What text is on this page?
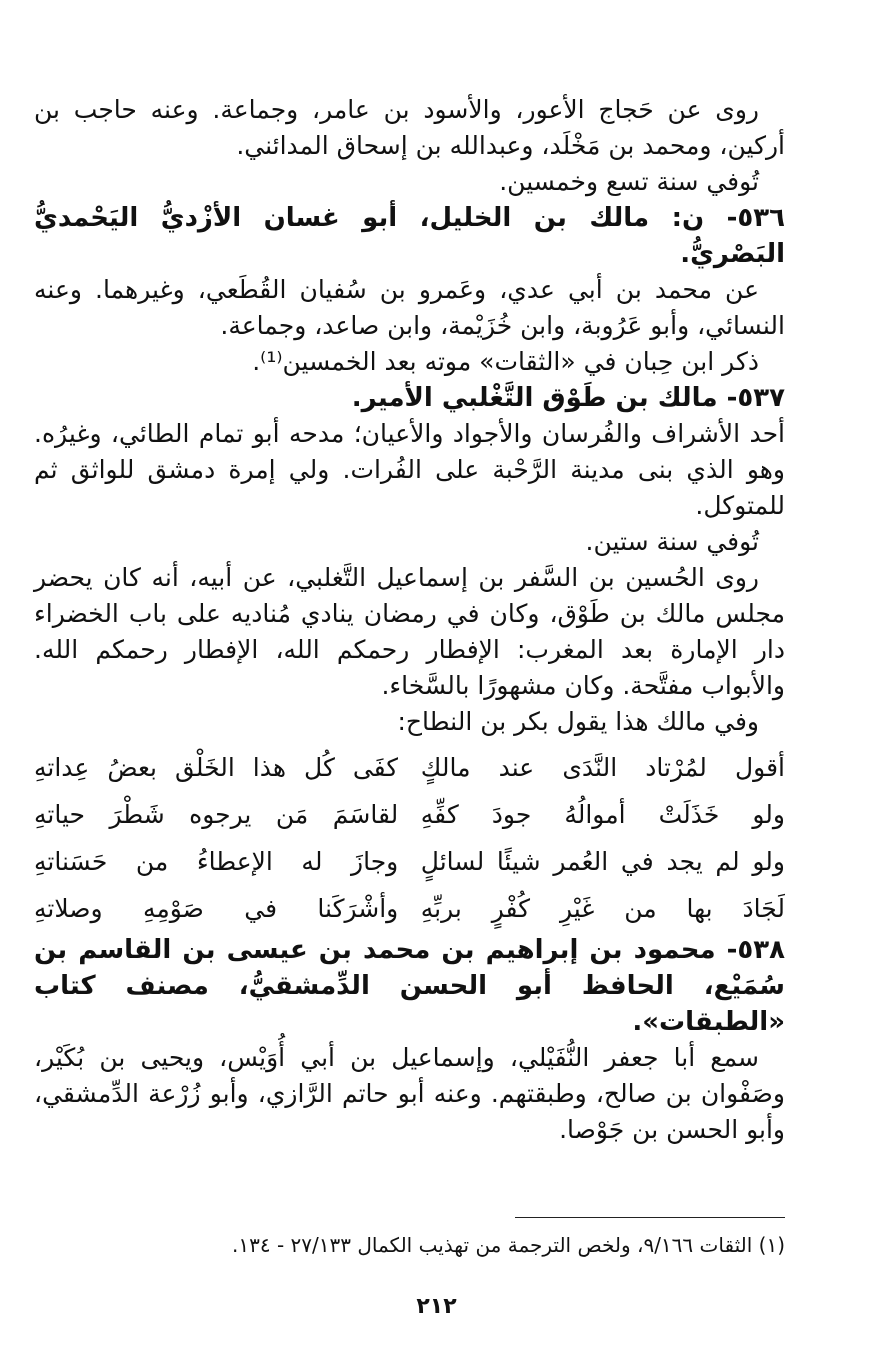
روى عن حَجاج الأعور، والأسود بن عامر، وجماعة. وعنه حاجب بن أركين، ومحمد بن مَخْلَد، وعبدالله بن إسحاق المدائني.

تُوفي سنة تسع وخمسين.

٥٣٦- ن: مالك بن الخليل، أبو غسان الأزْديُّ اليَحْمديُّ البَصْريُّ.

عن محمد بن أبي عدي، وعَمرو بن سُفيان القُطَعي، وغيرهما. وعنه النسائي، وأبو عَرُوبة، وابن خُزَيْمة، وابن صاعد، وجماعة.

ذكر ابن حِبان في «الثقات» موته بعد الخمسين⁽¹⁾.

٥٣٧- مالك بن طَوْق التَّغْلبي الأمير.

أحد الأشراف والفُرسان والأجواد والأعيان؛ مدحه أبو تمام الطائي، وغيرُه. وهو الذي بنى مدينة الرَّحْبة على الفُرات. ولي إمرة دمشق للواثق ثم للمتوكل.

تُوفي سنة ستين.

روى الحُسين بن السَّفر بن إسماعيل التَّغلبي، عن أبيه، أنه كان يحضر مجلس مالك بن طَوْق، وكان في رمضان ينادي مُناديه على باب الخضراء دار الإمارة بعد المغرب: الإفطار رحمكم الله، الإفطار رحمكم الله. والأبواب مفتَّحة. وكان مشهورًا بالسَّخاء.

وفي مالك هذا يقول بكر بن النطاح:

أقول لمُرْتاد النَّدَى عند مالكٍ
كفَى كُل هذا الخَلْق بعضُ عِداتهِ
ولو خَذَلَتْ أموالُهُ جودَ كفِّهِ
لقاسَمَ مَن يرجوه شَطْرَ حياتهِ
ولو لم يجد في العُمر شيئًا لسائلٍ
وجازَ له الإعطاءُ من حَسَناتهِ
لَجَادَ بها من غَيْرِ كُفْرٍ بربِّهِ
وأشْرَكَنا في صَوْمِهِ وصلاتهِ

٥٣٨- محمود بن إبراهيم بن محمد بن عيسى بن القاسم بن سُمَيْع، الحافظ أبو الحسن الدِّمشقيُّ، مصنف كتاب «الطبقات».

سمع أبا جعفر النُّفَيْلي، وإسماعيل بن أبي أُوَيْس، ويحيى بن بُكَيْر، وصَفْوان بن صالح، وطبقتهم. وعنه أبو حاتم الرَّازي، وأبو زُرْعة الدِّمشقي، وأبو الحسن بن جَوْصا.

(١) الثقات ٩/١٦٦، ولخص الترجمة من تهذيب الكمال ٢٧/١٣٣ - ١٣٤.
٢١٢
